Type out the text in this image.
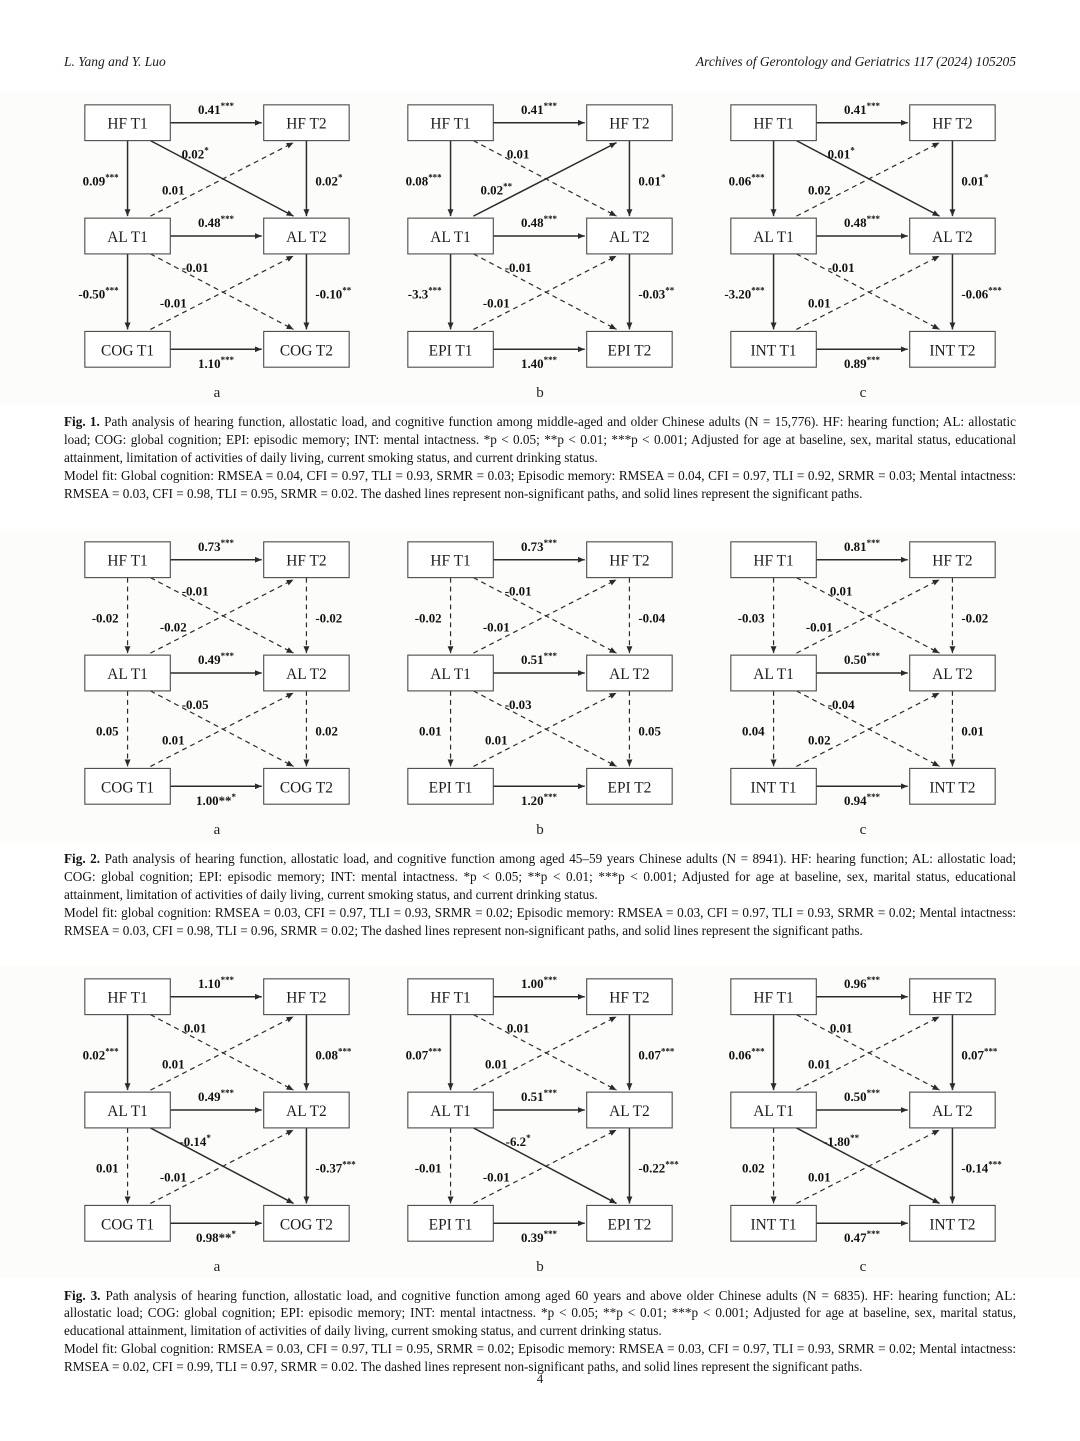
L. Yang and Y. Luo	Archives of Gerontology and Geriatrics 117 (2024) 105205
HF T1	HF T2
AL T1	AL T2
COG T1	COG T2
0.41***
0.48***
1.10***
0.09***	0.02*
-0.50***	-0.10**
0.02*
0.01
-0.01
-0.01
a
HF T1	HF T2
AL T1	AL T2
EPI T1	EPI T2
0.41***
0.48***
1.40***
0.08***	0.01*
-3.3***	-0.03**
0.01
0.02**
-0.01
-0.01
b
HF T1	HF T2
AL T1	AL T2
INT T1	INT T2
0.41***
0.48***
0.89***
0.06***	0.01*
-3.20***	-0.06***
0.01*
0.02
-0.01
0.01
c

Fig. 1. Path analysis of hearing function, allostatic load, and cognitive function among middle-aged and older Chinese adults (N = 15,776). HF: hearing function; AL: allostatic load; COG: global cognition; EPI: episodic memory; INT: mental intactness. *p < 0.05; **p < 0.01; ***p < 0.001; Adjusted for age at baseline, sex, marital status, educational attainment, limitation of activities of daily living, current smoking status, and current drinking status.

Model fit: Global cognition: RMSEA = 0.04, CFI = 0.97, TLI = 0.93, SRMR = 0.03; Episodic memory: RMSEA = 0.04, CFI = 0.97, TLI = 0.92, SRMR = 0.03; Mental intactness: RMSEA = 0.03, CFI = 0.98, TLI = 0.95, SRMR = 0.02. The dashed lines represent non-significant paths, and solid lines represent the significant paths.

HF T1	HF T2
AL T1	AL T2
COG T1	COG T2
0.73***
0.49***
1.00***
-0.02	-0.02
0.05	0.02
-0.01
-0.02
-0.05
0.01
a
HF T1	HF T2
AL T1	AL T2
EPI T1	EPI T2
0.73***
0.51***
1.20***
-0.02	-0.04
0.01	0.05
-0.01
-0.01
-0.03
0.01
b
HF T1	HF T2
AL T1	AL T2
INT T1	INT T2
0.81***
0.50***
0.94***
-0.03	-0.02
0.04	0.01
0.01
-0.01
-0.04
0.02
c

Fig. 2. Path analysis of hearing function, allostatic load, and cognitive function among aged 45–59 years Chinese adults (N = 8941). HF: hearing function; AL: allostatic load; COG: global cognition; EPI: episodic memory; INT: mental intactness. *p < 0.05; **p < 0.01; ***p < 0.001; Adjusted for age at baseline, sex, marital status, educational attainment, limitation of activities of daily living, current smoking status, and current drinking status.

Model fit: global cognition: RMSEA = 0.03, CFI = 0.97, TLI = 0.93, SRMR = 0.02; Episodic memory: RMSEA = 0.03, CFI = 0.97, TLI = 0.93, SRMR = 0.02; Mental intactness: RMSEA = 0.03, CFI = 0.98, TLI = 0.96, SRMR = 0.02; The dashed lines represent non-significant paths, and solid lines represent the significant paths.

HF T1	HF T2
AL T1	AL T2
COG T1	COG T2
1.10***
0.49***
0.98***
0.02***	0.08***
0.01	-0.37***
0.01
0.01
-0.14*
-0.01
a
HF T1	HF T2
AL T1	AL T2
EPI T1	EPI T2
1.00***
0.51***
0.39***
0.07***	0.07***
-0.01	-0.22***
0.01
0.01
-6.2*
-0.01
b
HF T1	HF T2
AL T1	AL T2
INT T1	INT T2
0.96***
0.50***
0.47***
0.06***	0.07***
0.02	-0.14***
0.01
0.01
-1.80**
0.01
c

Fig. 3. Path analysis of hearing function, allostatic load, and cognitive function among aged 60 years and above older Chinese adults (N = 6835). HF: hearing function; AL: allostatic load; COG: global cognition; EPI: episodic memory; INT: mental intactness. *p < 0.05; **p < 0.01; ***p < 0.001; Adjusted for age at baseline, sex, marital status, educational attainment, limitation of activities of daily living, current smoking status, and current drinking status.

Model fit: Global cognition: RMSEA = 0.03, CFI = 0.97, TLI = 0.95, SRMR = 0.02; Episodic memory: RMSEA = 0.03, CFI = 0.97, TLI = 0.93, SRMR = 0.02; Mental intactness: RMSEA = 0.02, CFI = 0.99, TLI = 0.97, SRMR = 0.02. The dashed lines represent non-significant paths, and solid lines represent the significant paths.

4
